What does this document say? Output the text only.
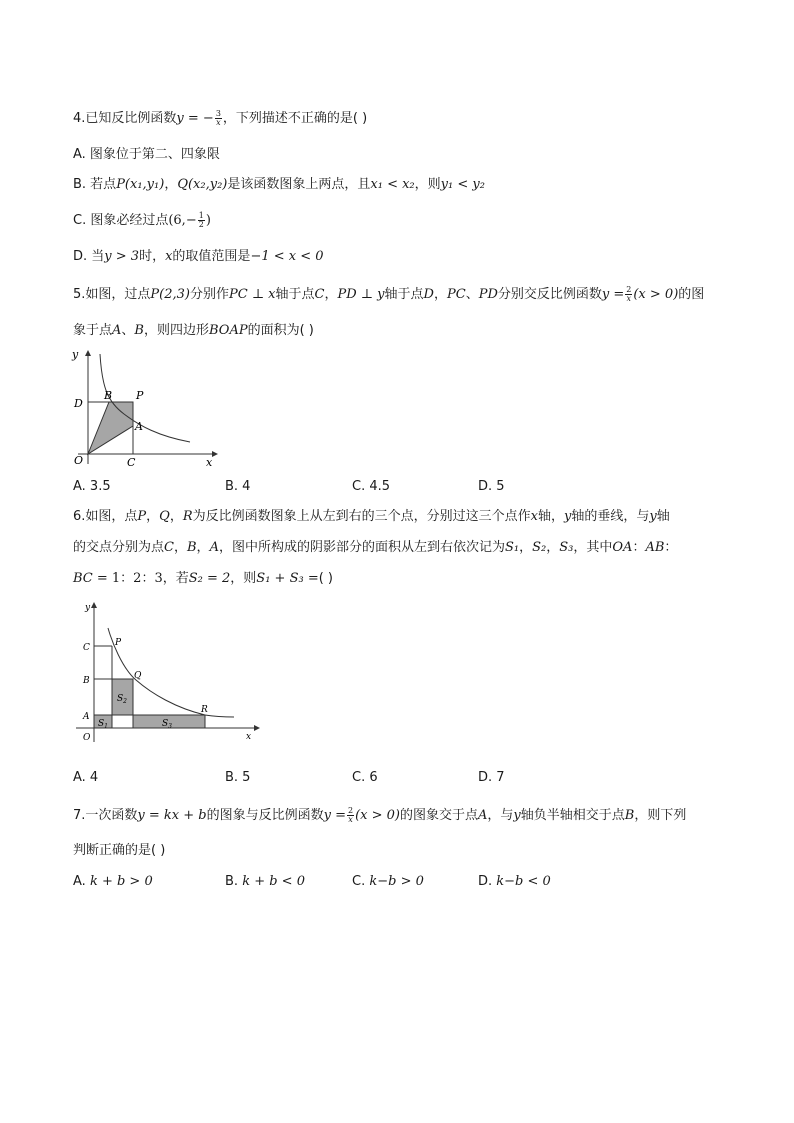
4.已知反比例函数y = − $\frac{3}{x}$ ，下列描述不正确的是( )
A. 图象位于第二、四象限
B. 若点P(x₁,y₁)，Q(x₂,y₂)是该函数图象上两点，且x₁ < x₂，则y₁ < y₂
C. 图象必经过点($6,- \frac{1}{2}$ )
D. 当y > 3时，x的取值范围是−1 < x < 0
5.如图，过点P(2,3)分别作PC ⊥ x轴于点C，PD ⊥ y轴于点D，PC、PD分别交反比例函数$y = \frac{2}{x} (x > 0)$的图
象于点A、B，则四边形BOAP的面积为( )
y
x
B P
D
A
O	C
A. 3.5	B. 4	C. 4.5	D. 5
6.如图，点P，Q，R为反比例函数图象上从左到右的三个点，分别过这三个点作x轴，y轴的垂线，与y轴
的交点分别为点C，B，A，图中所构成的阴影部分的面积从左到右依次记为S₁，S₂，S₃，其中OA：AB：
BC = 1：2：3，若S₂ = 2，则S₁ + S₃ =( )
y
x
C	P
B	Q
$S_2$
A
R
$S_1$	$S_3$
O
A. 4	B. 5	C. 6	D. 7
7.一次函数y = kx + b的图象与反比例函数$y = \frac{2}{x} (x > 0)$的图象交于点A，与y轴负半轴相交于点B，则下列
判断正确的是( )
A. k + b > 0	B. k + b < 0	C. k−b > 0	D. k−b < 0
